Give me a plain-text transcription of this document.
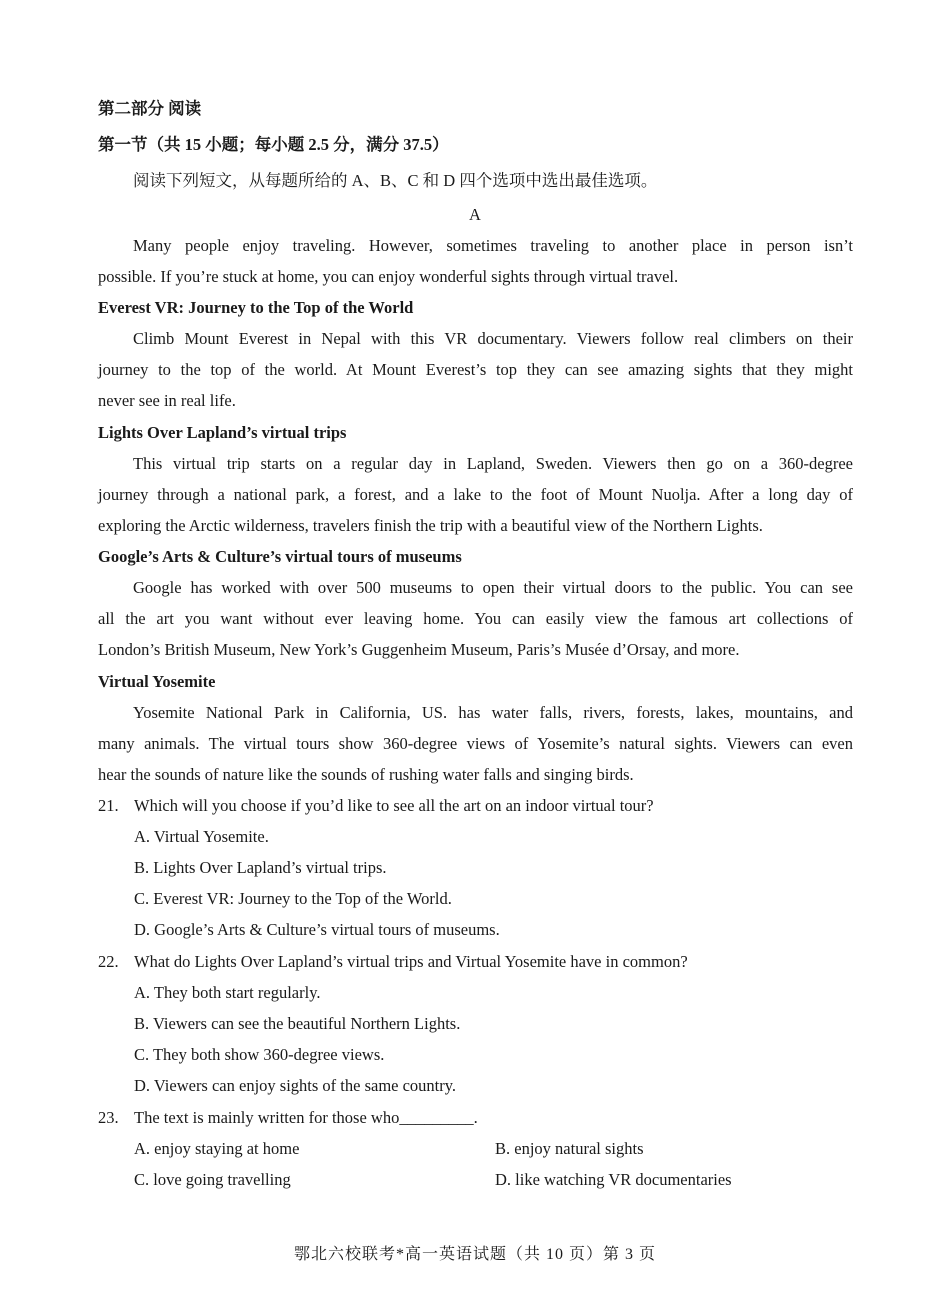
第二部分 阅读
第一节（共 15 小题；每小题 2.5 分，满分 37.5）
阅读下列短文，从每题所给的 A、B、C 和 D 四个选项中选出最佳选项。
A
Many people enjoy traveling. However, sometimes traveling to another place in person isn’t
possible. If you’re stuck at home, you can enjoy wonderful sights through virtual travel.
Everest VR: Journey to the Top of the World
Climb Mount Everest in Nepal with this VR documentary. Viewers follow real climbers on their
journey to the top of the world. At Mount Everest’s top they can see amazing sights that they might
never see in real life.
Lights Over Lapland’s virtual trips
This virtual trip starts on a regular day in Lapland, Sweden. Viewers then go on a 360-degree
journey through a national park, a forest, and a lake to the foot of Mount Nuolja. After a long day of
exploring the Arctic wilderness, travelers finish the trip with a beautiful view of the Northern Lights.
Google’s Arts & Culture’s virtual tours of museums
Google has worked with over 500 museums to open their virtual doors to the public. You can see
all the art you want without ever leaving home. You can easily view the famous art collections of
London’s British Museum, New York’s Guggenheim Museum, Paris’s Musée d’Orsay, and more.
Virtual Yosemite
Yosemite National Park in California, US. has water falls, rivers, forests, lakes, mountains, and
many animals. The virtual tours show 360-degree views of Yosemite’s natural sights. Viewers can even
hear the sounds of nature like the sounds of rushing water falls and singing birds.
21. Which will you choose if you’d like to see all the art on an indoor virtual tour?
A. Virtual Yosemite.
B. Lights Over Lapland’s virtual trips.
C. Everest VR: Journey to the Top of the World.
D. Google’s Arts & Culture’s virtual tours of museums.
22. What do Lights Over Lapland’s virtual trips and Virtual Yosemite have in common?
A. They both start regularly.
B. Viewers can see the beautiful Northern Lights.
C. They both show 360-degree views.
D. Viewers can enjoy sights of the same country.
23. The text is mainly written for those who_________.
A. enjoy staying at home	B. enjoy natural sights
C. love going travelling	D. like watching VR documentaries
鄂北六校联考*高一英语试题（共 10 页）第 3 页
